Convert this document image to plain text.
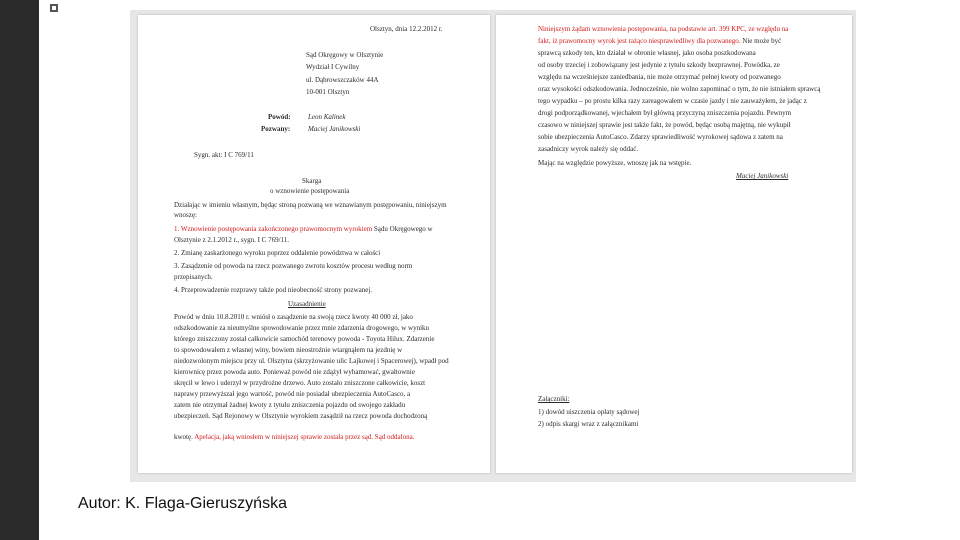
Olsztyn, dnia 12.2.2012 r.
Sąd Okręgowy w Olsztynie
Wydział I Cywilny
ul. Dąbrowszczaków 44A
10-001 Olsztyn
Powód: Leon Kalinek
Pozwany:	Maciej Janikowski
Sygn. akt: I C 769/11
Skarga
o wznowienie postępowania
Działając w imieniu własnym, będąc stroną pozwaną we wznawianym postępowaniu, niniejszym
wnoszę:
1. Wznowienie postępowania zakończonego prawomocnym wyrokiem Sądu Okręgowego w
Olsztynie z 2.1.2012 r., sygn. I C 769/11.
2. Zmianę zaskarżonego wyroku poprzez oddalenie powództwa w całości
3. Zasądzenie od powoda na rzecz pozwanego zwrotu kosztów procesu według norm
przepisanych.
4. Przeprowadzenie rozprawy także pod nieobecność strony pozwanej.
Uzasadnienie
Powód w dniu 10.8.2010 r. wniósł o zasądzenie na swoją rzecz kwoty 40 000 zł, jako
odszkodowanie za nieumyślne spowodowanie przez mnie zdarzenia drogowego, w wyniku
którego zniszczony został całkowicie samochód terenowy powoda - Toyota Hilux. Zdarzenie
to spowodowałem z własnej winy, bowiem nieostrożnie wtargnąłem na jezdnię w
niedozwolonym miejscu przy ul. Olsztyna (skrzyżowanie ulic Lajkowej i Spacerowej), wpadł pod
kierownicę przez powoda auto. Ponieważ powód nie zdążył wyhamować, gwałtownie
skręcił w lewo i uderzył w przydrożne drzewo. Auto zostało zniszczone całkowicie, koszt
naprawy przewyższał jego wartość, powód nie posiadał ubezpieczenia AutoCasco, a
zatem nie otrzymał żadnej kwoty z tytułu zniszczenia pojazdu od swojego zakładu
ubezpieczeń. Sąd Rejonowy w Olsztynie wyrokiem zasądził na rzecz powoda dochodzoną
kwotę. Apelacja, jaką wniosłem w niniejszej sprawie została przez sąd. Sąd oddalona.
Niniejszym żądam wznowienia postępowania, na podstawie art. 399 KPC, ze względu na
fakt, iż prawomocny wyrok jest rażąco niesprawiedliwy dla pozwanego. Nie może być
sprawcą szkody ten, kto działał w obronie własnej, jako osoba poszkodowana
od osoby trzeciej i zobowiązany jest jedynie z tytułu szkody bezprawnej. Powódka, ze
względu na wcześniejsze zaniedbania, nie może otrzymać pełnej kwoty od pozwanego
oraz wysokości odszkodowania. Jednocześnie, nie wolno zapominać o tym, że nie istniałem sprawcą
tego wypadku – po prostu kilka razy zareagowałem w czasie jazdy i nie zauważyłem, że jadąc z
drogi podporządkowanej, wjechałem był główną przyczyną zniszczenia pojazdu. Pewnym
czasowo w niniejszej sprawie jest także fakt, że powód, będąc osobą majętną, nie wykupił
sobie ubezpieczenia AutoCasco. Zdarzy sprawiedliwość wyrokowej sądowa z zatem na
zasadniczy wyrok należy się oddać.
Mając na względzie powyższe, wnoszę jak na wstępie.
Maciej Janikowski
Załączniki:
1) dowód uiszczenia opłaty sądowej
2) odpis skargi wraz z załącznikami
Autor: K. Flaga-Gieruszyńska
